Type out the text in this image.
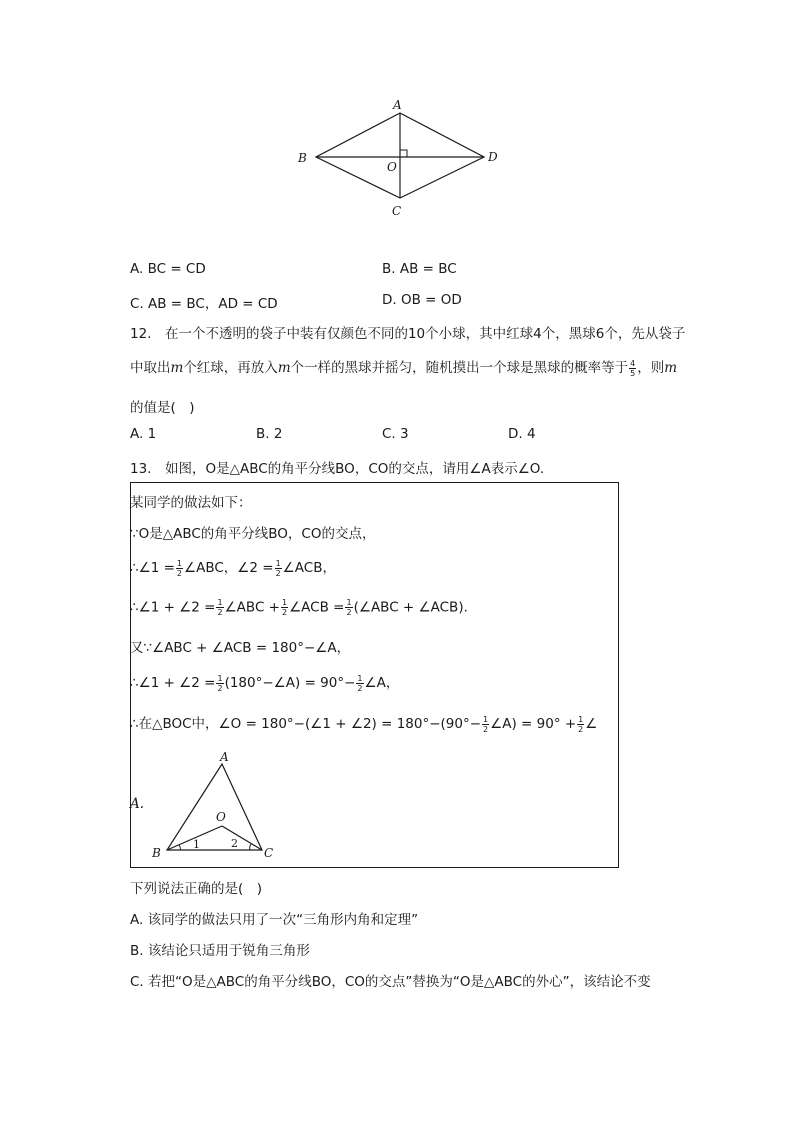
A
B
C
D
O
A. BC = CD	B. AB = BC
C. AB = BC，AD = CD	D. OB = OD
12.　在一个不透明的袋子中装有仅颜色不同的10个小球，其中红球4个，黑球6个，先从袋子
中取出m个红球，再放入m个一样的黑球并摇匀，随机摸出一个球是黑球的概率等于 $\frac{4}{5}$ ，则m
的值是(　)
A. 1	B. 2	C. 3	D. 4
13.　如图，O是△ABC的角平分线BO，CO的交点，请用∠A表示∠O.
某同学的做法如下：
∵O是△ABC的角平分线BO，CO的交点，
∴∠1 = $\frac{1}{2}$ ∠ABC，∠2 = $\frac{1}{2}$ ∠ACB，
∴∠1 + ∠2 = $\frac{1}{2}$ ∠ABC + $\frac{1}{2}$ ∠ACB = $\frac{1}{2}$ (∠ABC + ∠ACB).
又∵∠ABC + ∠ACB = 180°−∠A，
∴∠1 + ∠2 = $\frac{1}{2}$ (180°−∠A) = $90^\circ- \frac{1}{2}$ ∠A，
∴在△BOC中，∠O = 180°−(∠1 + ∠2) = $180^\circ-(90^\circ- \frac{1}{2}$ ∠A) = $90^\circ + \frac{1}{2}$ ∠
A.
A
B	C
O
1	2
下列说法正确的是(　)
A. 该同学的做法只用了一次“三角形内角和定理”
B. 该结论只适用于锐角三角形
C. 若把“O是△ABC的角平分线BO，CO的交点”替换为“O是△ABC的外心”，该结论不变
